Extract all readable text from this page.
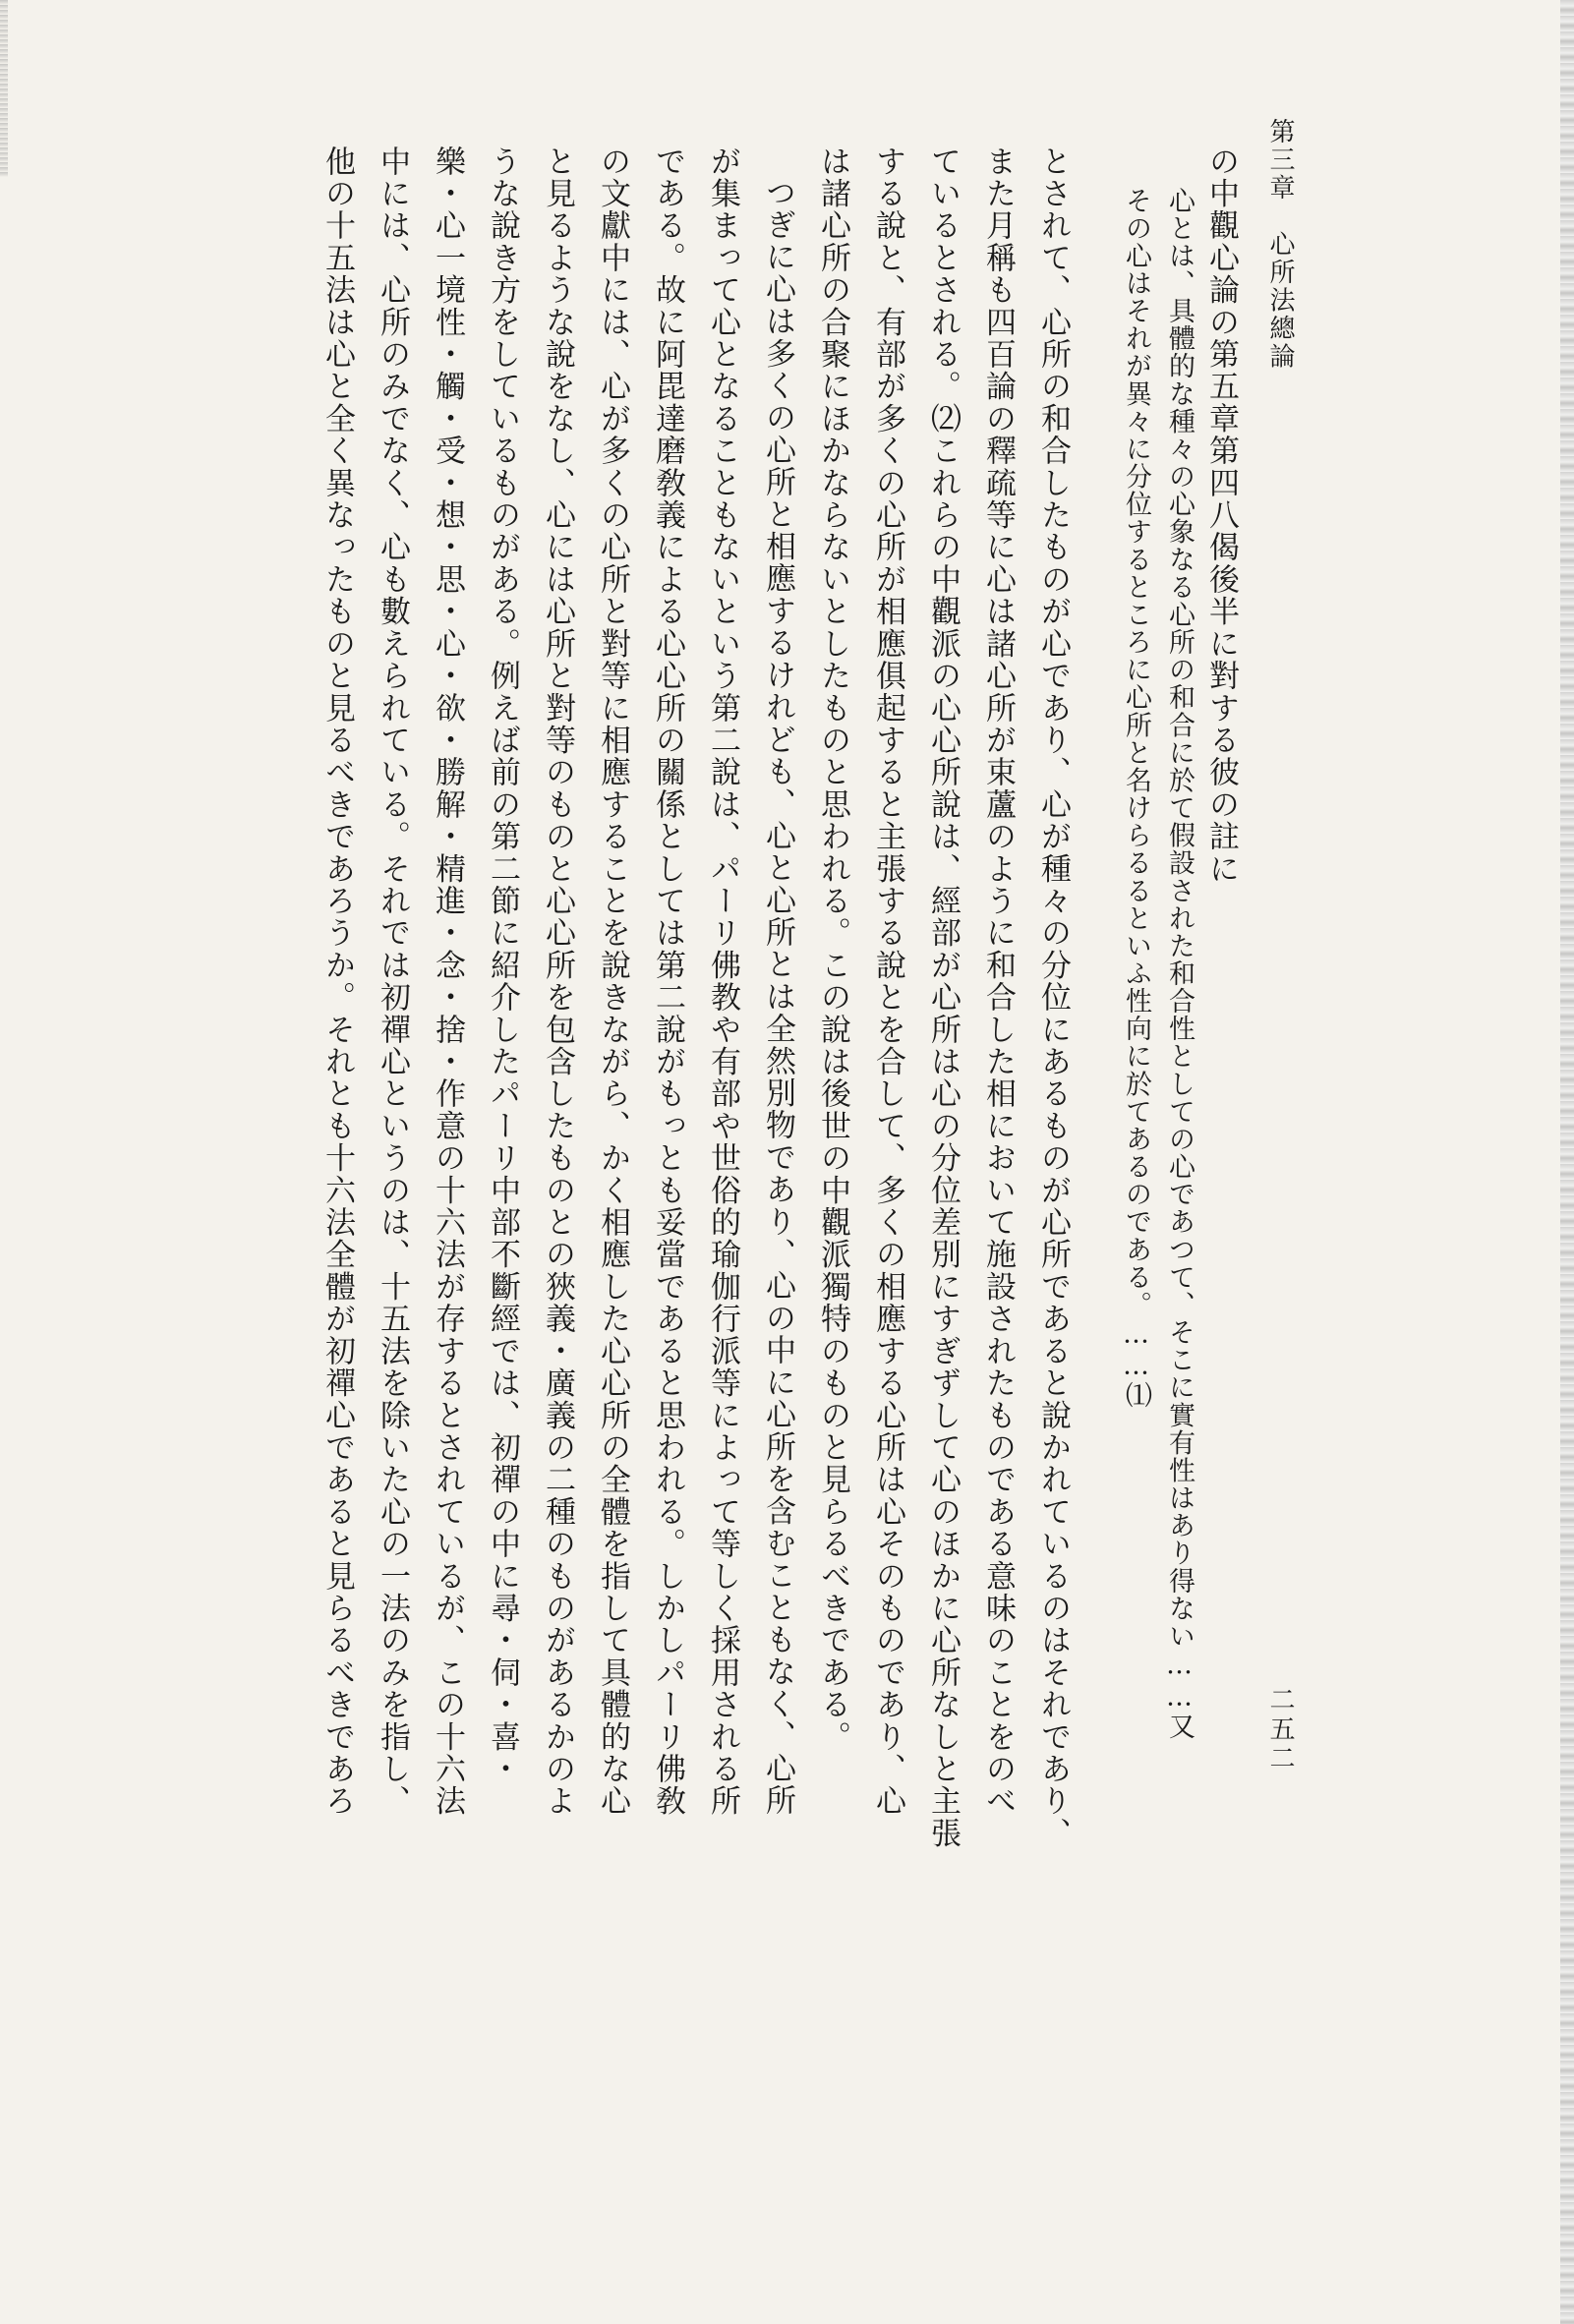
第三章　心所法總論
二五二
の中觀心論の第五章第四八偈後半に對する彼の註に
心とは、具體的な種々の心象なる心所の和合に於て假設された和合性としての心であつて、そこに實有性はあり得ない……又
その心はそれが異々に分位するところに心所と名けらるるといふ性向に於てあるのである。……⑴
とされて、心所の和合したものが心であり、心が種々の分位にあるものが心所であると說かれているのはそれであり、
また月稱も四百論の釋疏等に心は諸心所が束蘆のように和合した相において施設されたものである意味のことをのべ
ているとされる。⑵これらの中觀派の心心所說は、經部が心所は心の分位差別にすぎずして心のほかに心所なしと主張
する說と、有部が多くの心所が相應俱起すると主張する說とを合して、多くの相應する心所は心そのものであり、心
は諸心所の合聚にほかならないとしたものと思われる。この說は後世の中觀派獨特のものと見らるべきである。
つぎに心は多くの心所と相應するけれども、心と心所とは全然別物であり、心の中に心所を含むこともなく、心所
が集まって心となることもないという第二說は、パーリ佛教や有部や世俗的瑜伽行派等によって等しく採用される所
である。故に阿毘達磨敎義による心心所の關係としては第二說がもっとも妥當であると思われる。しかしパーリ佛敎
の文獻中には、心が多くの心所と對等に相應することを說きながら、かく相應した心心所の全體を指して具體的な心
と見るような說をなし、心には心所と對等のものと心心所を包含したものとの狹義・廣義の二種のものがあるかのよ
うな說き方をしているものがある。例えば前の第二節に紹介したパーリ中部不斷經では、初禪の中に尋・伺・喜・
樂・心一境性・觸・受・想・思・心・欲・勝解・精進・念・捨・作意の十六法が存するとされているが、この十六法
中には、心所のみでなく、心も數えられている。それでは初禪心というのは、十五法を除いた心の一法のみを指し、
他の十五法は心と全く異なったものと見るべきであろうか。それとも十六法全體が初禪心であると見らるべきであろ
